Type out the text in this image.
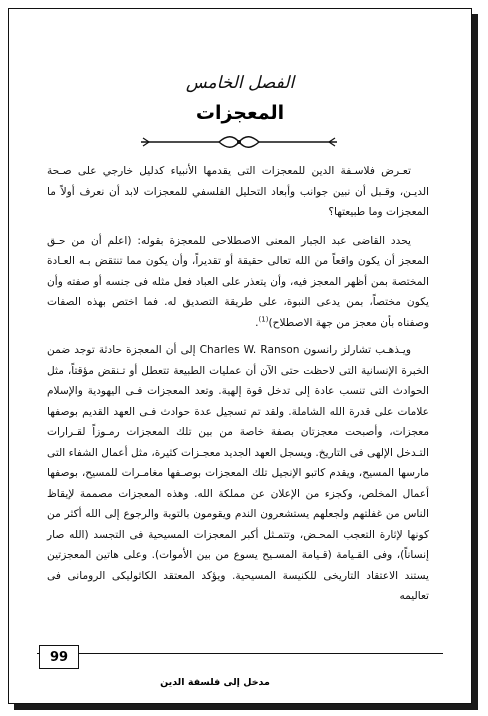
الفصل الخامس
المعجزات

تعـرض فلاسـفة الدين للمعجزات التى يقدمها الأنبياء كدليل خارجي على صـحة الديـن، وقـبل أن نبين جوانب وأبعاد التحليل الفلسفي للمعجزات لابد أن نعرف أولاً ما المعجزات وما طبيعتها؟

يحدد القاضى عبد الجبار المعنى الاصطلاحى للمعجزة بقوله: (اعلم أن من حـق المعجز أن يكون واقعاً من الله تعالى حقيقة أو تقديراً، وأن يكون مما تنتقض بـه العـادة المختصة بمن أظهر المعجز فيه، وأن يتعذر على العباد فعل مثله فى جنسه أو صفته وأن يكون مختصاً، بمن يدعى النبوة، على طريقة التصديق له. فما اختص بهذه الصفات وصفناه بأن معجز من جهة الاصطلاح)$^{(1)}$.

ويـذهـب تشارلز رانسون Charles W. Ranson إلى أن المعجزة حادثة توجد ضمن الخبرة الإنسانية التى لاحظت حتى الآن أن عمليات الطبيعة تتعطل أو تـنقض مؤقتاً، مثل الحوادث التى تنسب عادة إلى تدخل قوة إلهية. وتعد المعجزات فـى اليهودية والإسلام علامات على قدرة الله الشاملة. ولقد تم تسجيل عدة حوادث فـى العهد القديم بوصفها معجزات، وأصبحت معجزتان بصفة خاصة من بين تلك المعجزات رمـوزاً لقـرارات التـدخل الإلهى فى التاريخ. ويسجل العهد الجديد معجـزات كثيرة، مثل أعمال الشفاء التى مارسها المسيح، ويقدم كاتبو الإنجيل تلك المعجزات بوصـفها مغامـرات للمسيح، بوصفها أعمال المخلص، وكجزء من الإعلان عن مملكة الله. وهذه المعجزات مصممة لإيقاظ الناس من غفلتهم ولجعلهم يستشعرون الندم ويقومون بالتوبة والرجوع إلى الله أكثر من كونها لإثارة التعجب المحـض، وتتمـثل أكبر المعجزات المسيحية فى التجسد (الله صار إنساناً)، وفى القـيامة (قـيامة المسـيح يسوع من بين الأموات). وعلى هاتين المعجزتين يستند الاعتقاد التاريخى للكنيسة المسيحية. ويؤكد المعتقد الكاثوليكى الرومانى فى تعاليمه

99
مدخل إلى فلسفة الدين
